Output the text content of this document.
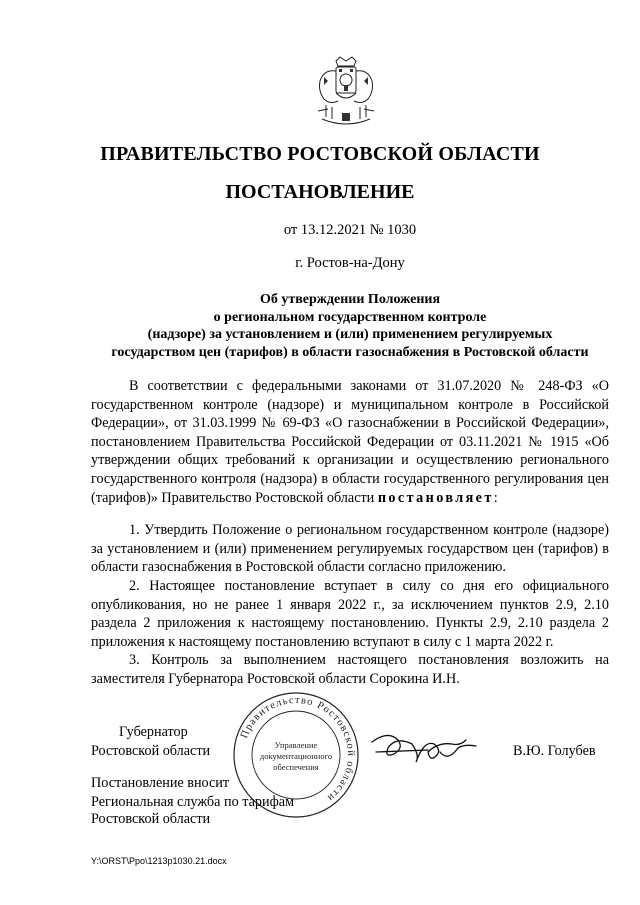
ПРАВИТЕЛЬСТВО РОСТОВСКОЙ ОБЛАСТИ
ПОСТАНОВЛЕНИЕ
от 13.12.2021 № 1030
г. Ростов-на-Дону
Об утверждении Положения
о региональном государственном контроле
(надзоре) за установлением и (или) применением регулируемых
государством цен (тарифов) в области газоснабжения в Ростовской области

В соответствии с федеральными законами от 31.07.2020 № 248-ФЗ «О государственном контроле (надзоре) и муниципальном контроле в Российской Федерации», от 31.03.1999 № 69-ФЗ «О газоснабжении в Российской Федерации», постановлением Правительства Российской Федерации от 03.11.2021 № 1915 «Об утверждении общих требований к организации и осуществлению регионального государственного контроля (надзора) в области государственного регулирования цен (тарифов)» Правительство Ростовской области постановляет:

1. Утвердить Положение о региональном государственном контроле (надзоре) за установлением и (или) применением регулируемых государством цен (тарифов) в области газоснабжения в Ростовской области согласно приложению.

2. Настоящее постановление вступает в силу со дня его официального опубликования, но не ранее 1 января 2022 г., за исключением пунктов 2.9, 2.10 раздела 2 приложения к настоящему постановлению. Пункты 2.9, 2.10 раздела 2 приложения к настоящему постановлению вступают в силу с 1 марта 2022 г.

3. Контроль за выполнением настоящего постановления возложить на заместителя Губернатора Ростовской области Сорокина И.Н.

Губернатор
Ростовской области	В.Ю. Голубев
Правительство Ростовской области
Управление
документационного
обеспечения
Постановление вносит
Региональная служба по тарифам
Ростовской области
Y:\ORST\Ppo\1213p1030.21.docx
